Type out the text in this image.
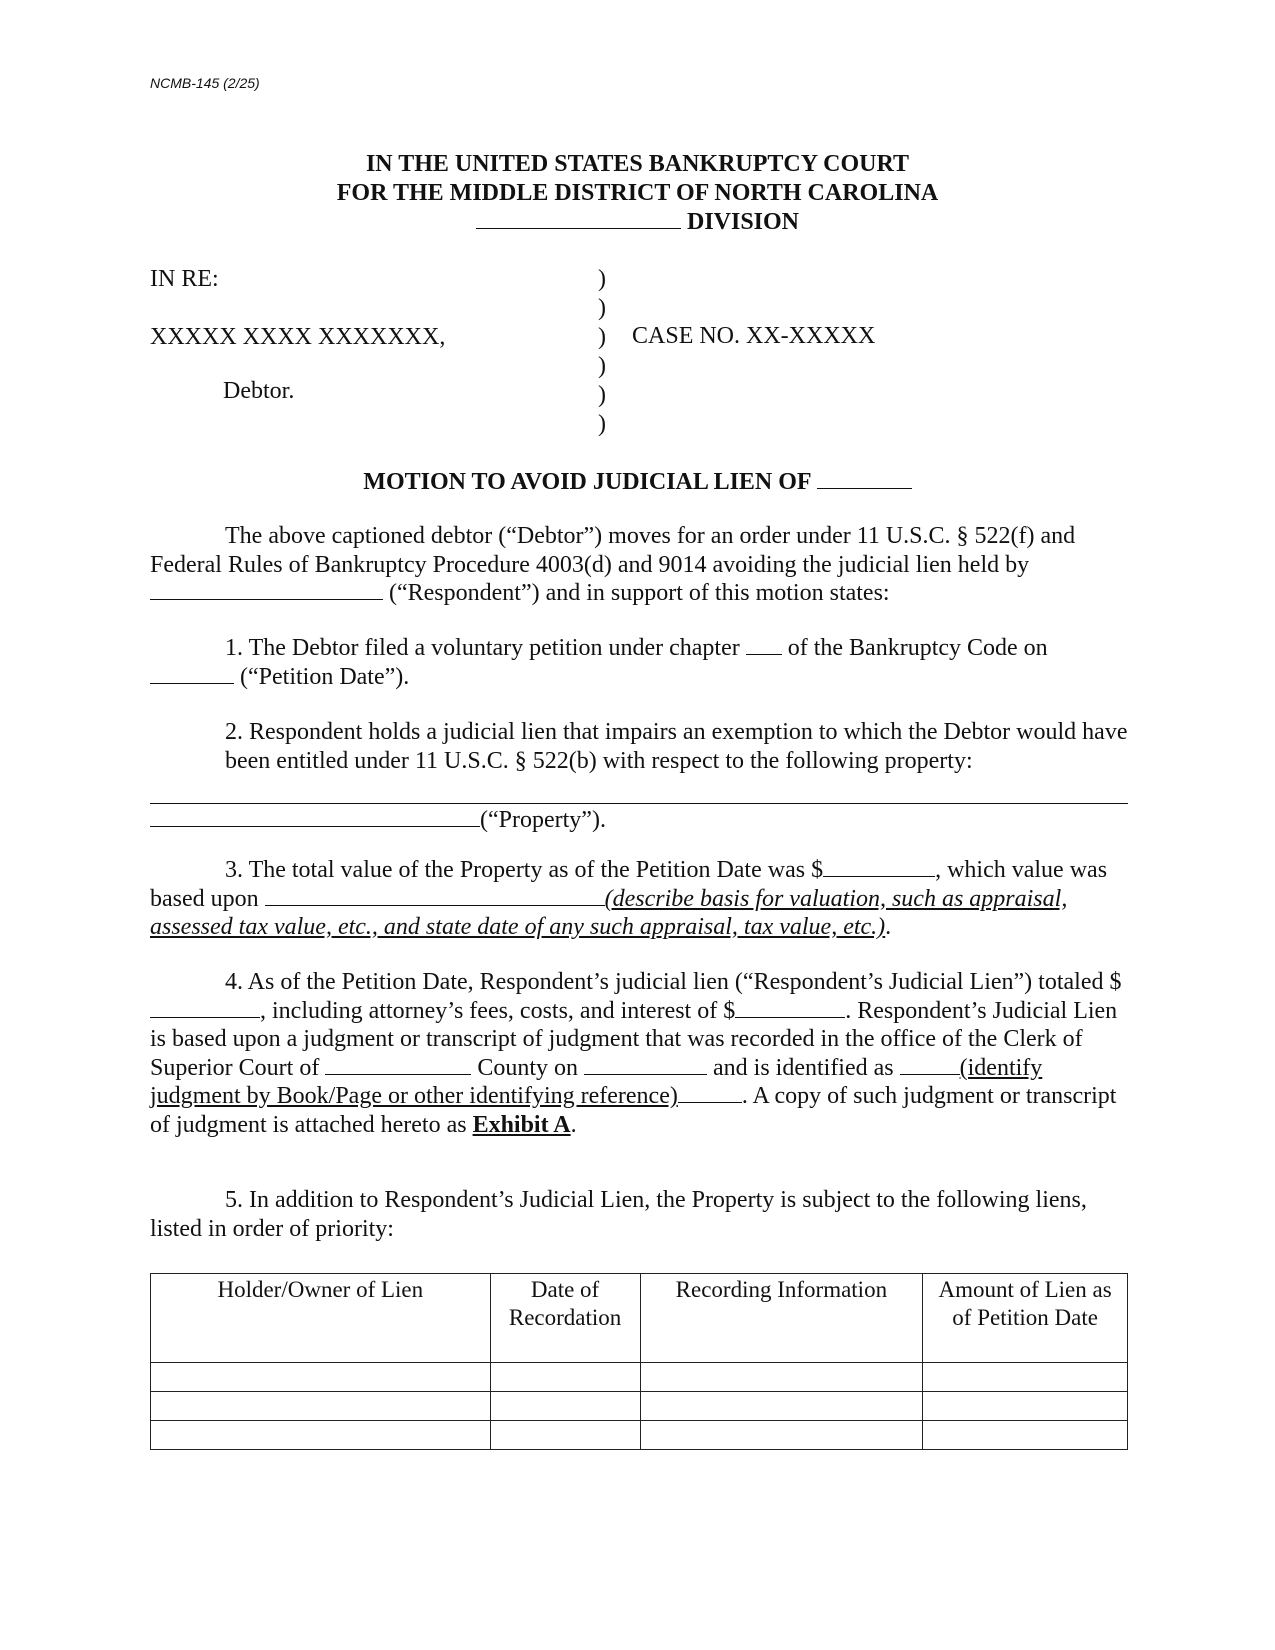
NCMB-145 (2/25)
IN THE UNITED STATES BANKRUPTCY COURT
FOR THE MIDDLE DISTRICT OF NORTH CAROLINA
DIVISION
IN RE:
XXXXX XXXX XXXXXXX,
Debtor.
)
)
)
)
)
)
CASE NO. XX-XXXXX
MOTION TO AVOID JUDICIAL LIEN OF
The above captioned debtor (“Debtor”) moves for an order under 11 U.S.C. § 522(f) and Federal Rules of Bankruptcy Procedure 4003(d) and 9014 avoiding the judicial lien held by (“Respondent”) and in support of this motion states:
1. The Debtor filed a voluntary petition under chapter  of the Bankruptcy Code on  (“Petition Date”).
2. Respondent holds a judicial lien that impairs an exemption to which the Debtor would have been entitled under 11 U.S.C. § 522(b) with respect to the following property:
(“Property”).
3. The total value of the Property as of the Petition Date was $	, which value was based upon	(describe basis for valuation, such as appraisal, assessed tax value, etc., and state date of any such appraisal, tax value, etc.).
4. As of the Petition Date, Respondent’s judicial lien (“Respondent’s Judicial Lien”) totaled $, including attorney’s fees, costs, and interest of $	. Respondent’s Judicial Lien is based upon a judgment or transcript of judgment that was recorded in the office of the Clerk of Superior Court of	County on	and is identified as	(identify judgment by Book/Page or other identifying reference)	. A copy of such judgment or transcript of judgment is attached hereto as Exhibit A.
5. In addition to Respondent’s Judicial Lien, the Property is subject to the following liens, listed in order of priority:
Holder/Owner of Lien	Date of Recordation	Recording Information	Amount of Lien as of Petition Date
